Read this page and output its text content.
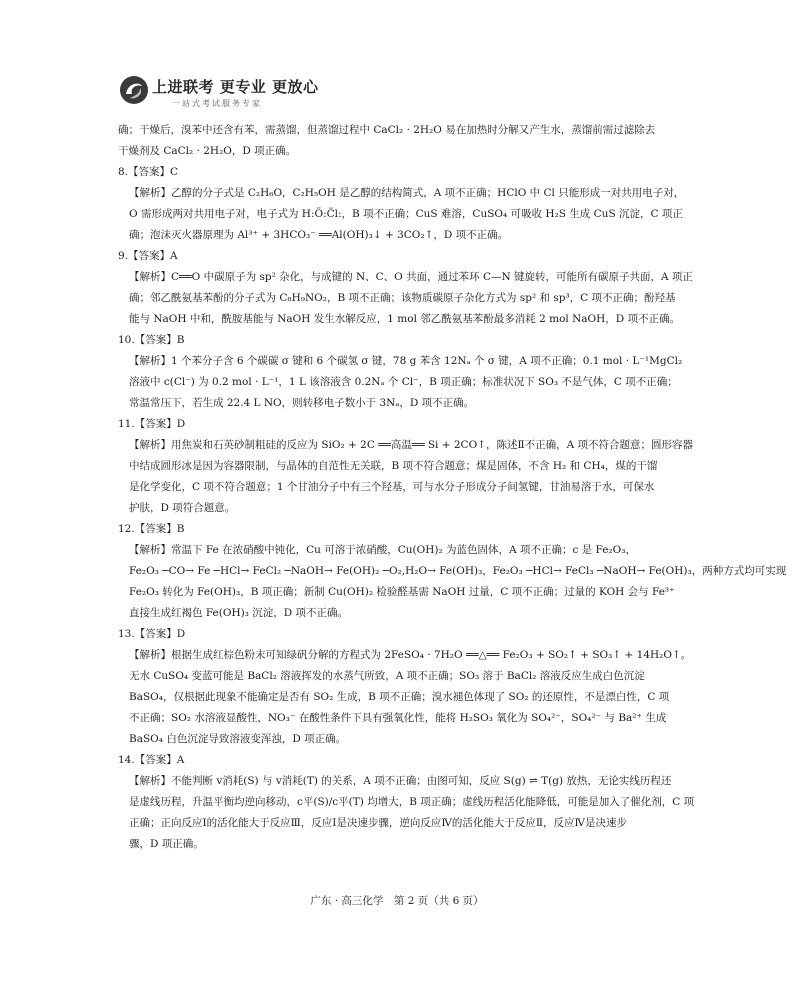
上进联考 更专业 更放心
一站式考试服务专家
确；干燥后，溴苯中还含有苯，需蒸馏，但蒸馏过程中 CaCl₂ · 2H₂O 易在加热时分解又产生水，蒸馏前需过滤除去
干燥剂及 CaCl₂ · 2H₂O，D 项正确。
8.【答案】C
【解析】乙醇的分子式是 C₂H₆O，C₂H₅OH 是乙醇的结构简式，A 项不正确；HClO 中 Cl 只能形成一对共用电子对，
O 需形成两对共用电子对，电子式为 H:Ö:C̈l:，B 项不正确；CuS 难溶，CuSO₄ 可吸收 H₂S 生成 CuS 沉淀，C 项正
确；泡沫灭火器原理为 Al³⁺ + 3HCO₃⁻ ══Al(OH)₃↓ + 3CO₂↑，D 项不正确。
9.【答案】A
【解析】C══O 中碳原子为 sp² 杂化，与成键的 N、C、O 共面，通过苯环 C—N 键旋转，可能所有碳原子共面，A 项正
确；邻乙酰氨基苯酚的分子式为 C₈H₉NO₂，B 项不正确；该物质碳原子杂化方式为 sp² 和 sp³，C 项不正确；酚羟基
能与 NaOH 中和，酰胺基能与 NaOH 发生水解反应，1 mol 邻乙酰氨基苯酚最多消耗 2 mol NaOH，D 项不正确。
10.【答案】B
【解析】1 个苯分子含 6 个碳碳 σ 键和 6 个碳氢 σ 键，78 g 苯含 12Nₐ 个 σ 键，A 项不正确；0.1 mol · L⁻¹MgCl₂
溶液中 c(Cl⁻) 为 0.2 mol · L⁻¹，1 L 该溶液含 0.2Nₐ 个 Cl⁻，B 项正确；标准状况下 SO₃ 不是气体，C 项不正确；
常温常压下，若生成 22.4 L NO，则转移电子数小于 3Nₐ，D 项不正确。
11.【答案】D
【解析】用焦炭和石英砂制粗硅的反应为 SiO₂ + 2C ══高温══ Si + 2CO↑，陈述Ⅱ不正确，A 项不符合题意；圆形容器
中结成圆形冰是因为容器限制，与晶体的自范性无关联，B 项不符合题意；煤是固体，不含 H₂ 和 CH₄，煤的干馏
是化学变化，C 项不符合题意；1 个甘油分子中有三个羟基，可与水分子形成分子间氢键，甘油易溶于水，可保水
护肤，D 项符合题意。
12.【答案】B
【解析】常温下 Fe 在浓硝酸中钝化，Cu 可溶于浓硝酸，Cu(OH)₂ 为蓝色固体，A 项不正确；c 是 Fe₂O₃，
Fe₂O₃ ─CO→ Fe ─HCl→ FeCl₂ ─NaOH→ Fe(OH)₂ ─O₂,H₂O→ Fe(OH)₃，Fe₂O₃ ─HCl→ FeCl₃ ─NaOH→ Fe(OH)₃，两种方式均可实现
Fe₂O₃ 转化为 Fe(OH)₃，B 项正确；新制 Cu(OH)₂ 检验醛基需 NaOH 过量，C 项不正确；过量的 KOH 会与 Fe³⁺
直接生成红褐色 Fe(OH)₃ 沉淀，D 项不正确。
13.【答案】D
【解析】根据生成红棕色粉末可知绿矾分解的方程式为 2FeSO₄ · 7H₂O ══△══ Fe₂O₃ + SO₂↑ + SO₃↑ + 14H₂O↑。
无水 CuSO₄ 变蓝可能是 BaCl₂ 溶液挥发的水蒸气所致，A 项不正确；SO₃ 溶于 BaCl₂ 溶液反应生成白色沉淀
BaSO₄，仅根据此现象不能确定是否有 SO₂ 生成，B 项不正确；溴水褪色体现了 SO₂ 的还原性，不是漂白性，C 项
不正确；SO₂ 水溶液显酸性，NO₃⁻ 在酸性条件下具有强氧化性，能将 H₂SO₃ 氧化为 SO₄²⁻，SO₄²⁻ 与 Ba²⁺ 生成
BaSO₄ 白色沉淀导致溶液变浑浊，D 项正确。
14.【答案】A
【解析】不能判断 v消耗(S) 与 v消耗(T) 的关系，A 项不正确；由图可知，反应 S(g) ⇌ T(g) 放热，无论实线历程还
是虚线历程，升温平衡均逆向移动，c平(S)/c平(T) 均增大，B 项正确；虚线历程活化能降低，可能是加入了催化剂，C 项
正确；正向反应Ⅰ的活化能大于反应Ⅲ，反应Ⅰ是决速步骤，逆向反应Ⅳ的活化能大于反应Ⅱ，反应Ⅳ是决速步
骤，D 项正确。
广东 · 高三化学　第 2 页（共 6 页）
